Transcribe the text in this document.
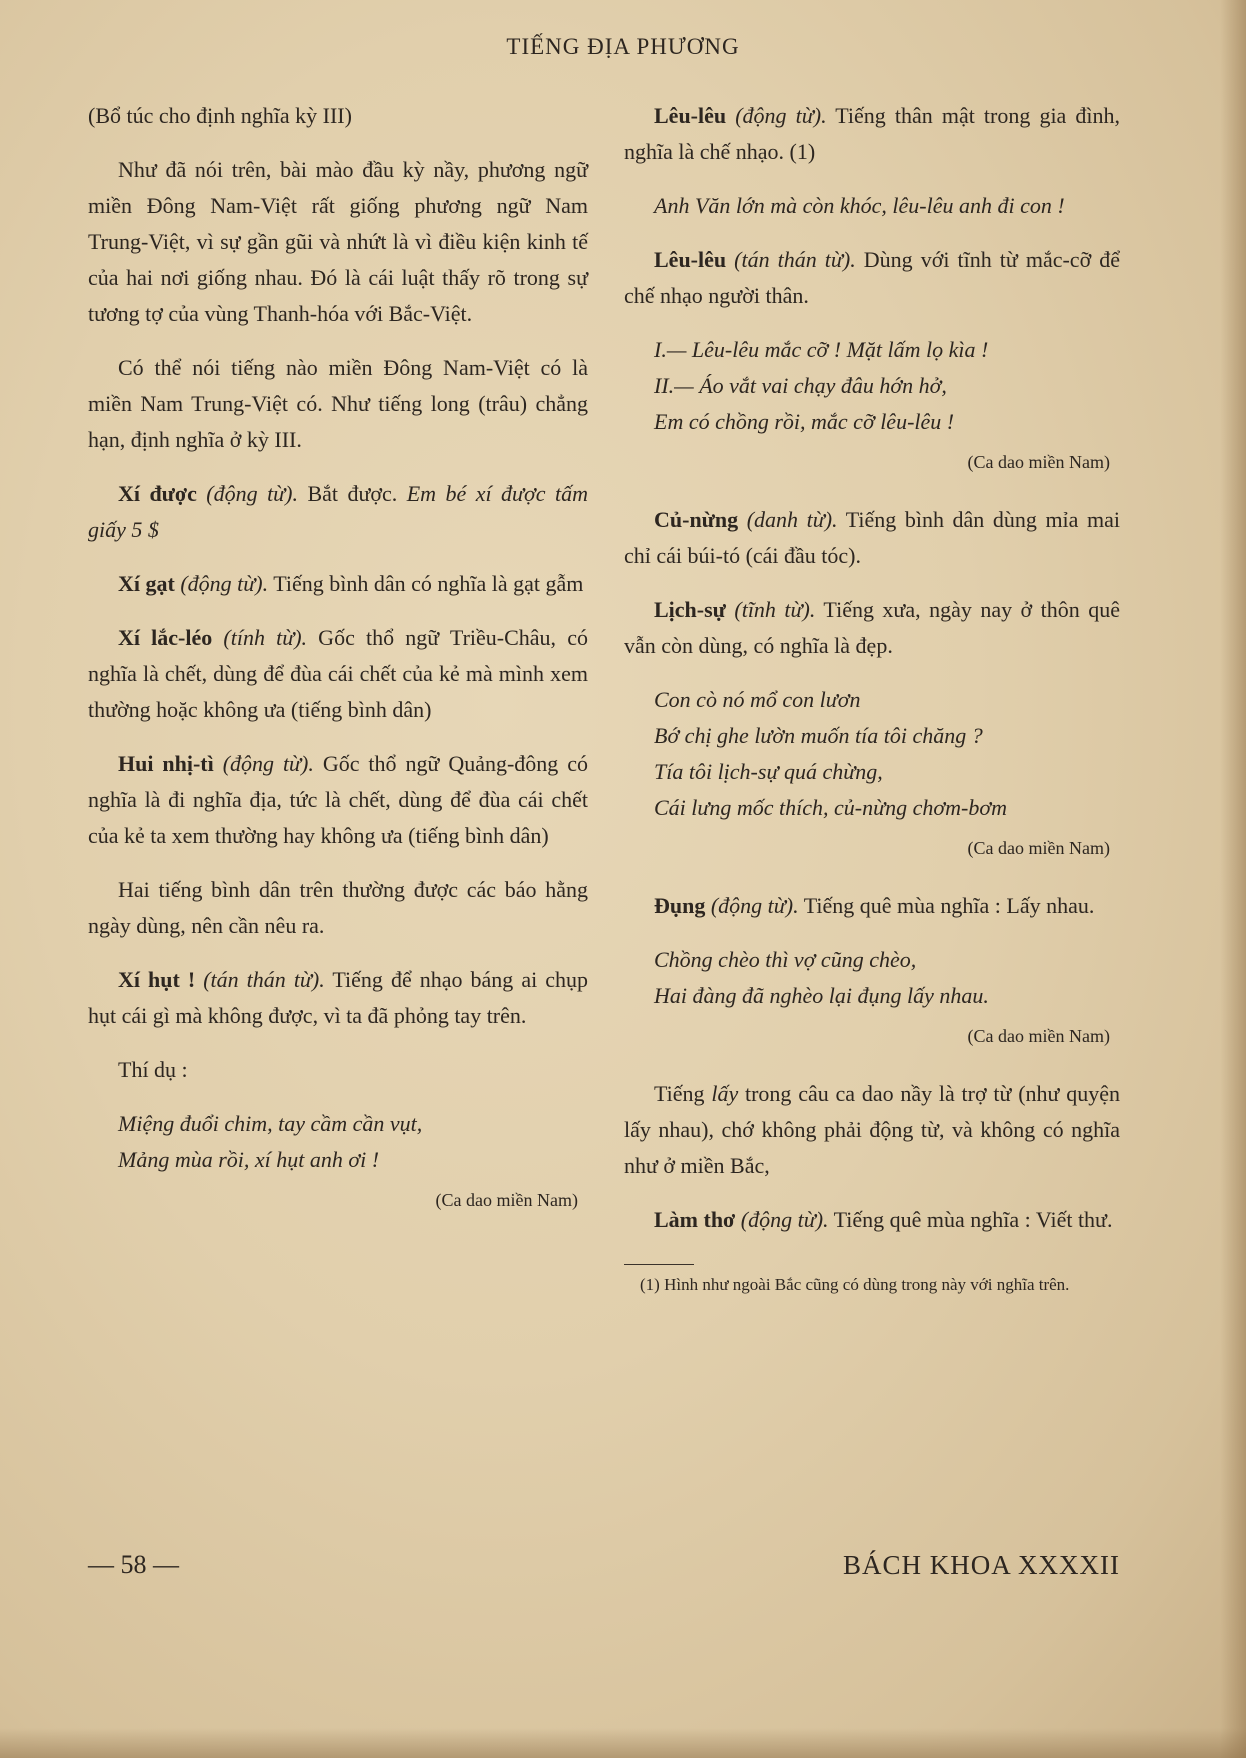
TIẾNG ĐỊA PHƯƠNG

(Bổ túc cho định nghĩa kỳ III)

Như đã nói trên, bài mào đầu kỳ nầy, phương ngữ miền Đông Nam-Việt rất giống phương ngữ Nam Trung-Việt, vì sự gần gũi và nhứt là vì điều kiện kinh tế của hai nơi giống nhau. Đó là cái luật thấy rõ trong sự tương tợ của vùng Thanh-hóa với Bắc-Việt.

Có thể nói tiếng nào miền Đông Nam-Việt có là miền Nam Trung-Việt có. Như tiếng long (trâu) chẳng hạn, định nghĩa ở kỳ III.

Xí được (động từ). Bắt được. Em bé xí được tấm giấy 5 $

Xí gạt (động từ). Tiếng bình dân có nghĩa là gạt gẫm

Xí lắc-léo (tính từ). Gốc thổ ngữ Triều-Châu, có nghĩa là chết, dùng để đùa cái chết của kẻ mà mình xem thường hoặc không ưa (tiếng bình dân)

Hui nhị-tì (động từ). Gốc thổ ngữ Quảng-đông có nghĩa là đi nghĩa địa, tức là chết, dùng để đùa cái chết của kẻ ta xem thường hay không ưa (tiếng bình dân)

Hai tiếng bình dân trên thường được các báo hằng ngày dùng, nên cần nêu ra.

Xí hụt ! (tán thán từ). Tiếng để nhạo báng ai chụp hụt cái gì mà không được, vì ta đã phỏng tay trên.

Thí dụ :

Miệng đuổi chim, tay cầm cần vụt,
Mảng mùa rồi, xí hụt anh ơi !
(Ca dao miền Nam)

Lêu-lêu (động từ). Tiếng thân mật trong gia đình, nghĩa là chế nhạo. (1)

Anh Văn lớn mà còn khóc, lêu-lêu anh đi con !

Lêu-lêu (tán thán từ). Dùng với tĩnh từ mắc-cỡ để chế nhạo người thân.

I.— Lêu-lêu mắc cỡ ! Mặt lấm lọ kìa !
II.— Áo vắt vai chạy đâu hớn hở,
Em có chồng rồi, mắc cỡ lêu-lêu !
(Ca dao miền Nam)

Củ-nừng (danh từ). Tiếng bình dân dùng mỉa mai chỉ cái búi-tó (cái đầu tóc).

Lịch-sự (tĩnh từ). Tiếng xưa, ngày nay ở thôn quê vẫn còn dùng, có nghĩa là đẹp.

Con cò nó mổ con lươn
Bớ chị ghe lườn muốn tía tôi chăng ?
Tía tôi lịch-sự quá chừng,
Cái lưng mốc thích, củ-nừng chơm-bơm
(Ca dao miền Nam)

Đụng (động từ). Tiếng quê mùa nghĩa : Lấy nhau.

Chồng chèo thì vợ cũng chèo,
Hai đàng đã nghèo lại đụng lấy nhau.
(Ca dao miền Nam)

Tiếng lấy trong câu ca dao nầy là trợ từ (như quyện lấy nhau), chớ không phải động từ, và không có nghĩa như ở miền Bắc,

Làm thơ (động từ). Tiếng quê mùa nghĩa : Viết thư.

(1) Hình như ngoài Bắc cũng có dùng trong này với nghĩa trên.
— 58 —	BÁCH KHOA XXXXII
